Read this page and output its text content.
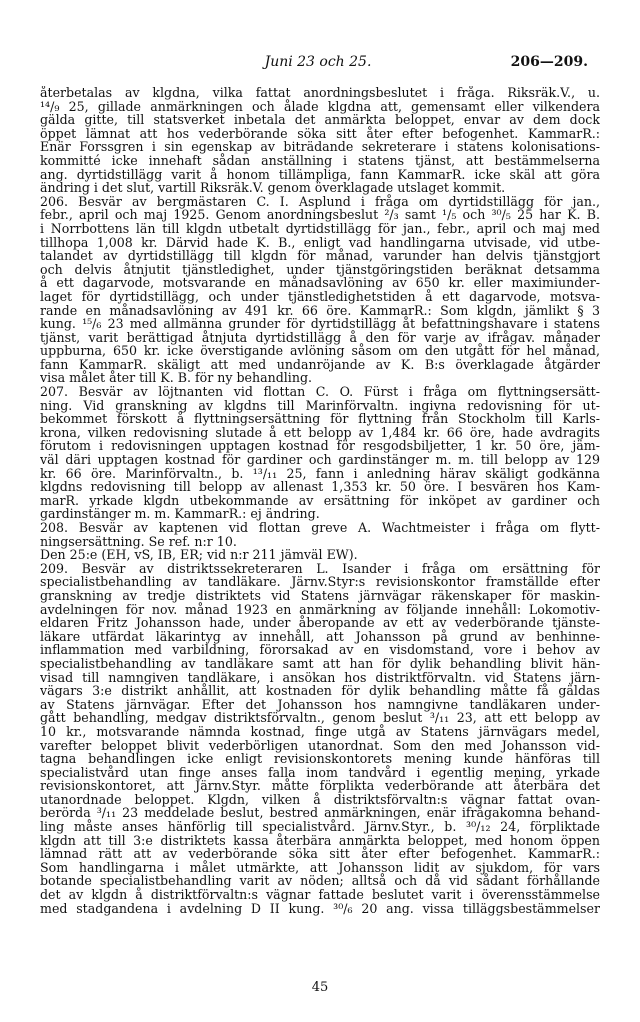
Juni 23 och 25.	206—209.
återbetalas av klgdna, vilka fattat anordningsbeslutet i fråga. Riksräk.V., u.
¹⁴/₉ 25, gillade anmärkningen och ålade klgdna att, gemensamt eller vilkendera
gälda gitte, till statsverket inbetala det anmärkta beloppet, envar av dem dock
öppet lämnat att hos vederbörande söka sitt åter efter befogenhet. KammarR.:
Enär Forssgren i sin egenskap av biträdande sekreterare i statens kolonisations-
kommitté icke innehaft sådan anställning i statens tjänst, att bestämmelserna
ang. dyrtidstillägg varit å honom tillämpliga, fann KammarR. icke skäl att göra
ändring i det slut, vartill Riksräk.V. genom överklagade utslaget kommit.
206. Besvär av bergmästaren C. I. Asplund i fråga om dyrtidstillägg för jan.,
febr., april och maj 1925. Genom anordningsbeslut ²/₃ samt ¹/₅ och ³⁰/₅ 25 har K. B.
i Norrbottens län till klgdn utbetalt dyrtidstillägg för jan., febr., april och maj med
tillhopa 1,008 kr. Därvid hade K. B., enligt vad handlingarna utvisade, vid utbe-
talandet av dyrtidstillägg till klgdn för månad, varunder han delvis tjänstgjort
och delvis åtnjutit tjänstledighet, under tjänstgöringstiden beräknat detsamma
å ett dagarvode, motsvarande en månadsavlöning av 650 kr. eller maximiunder-
laget för dyrtidstillägg, och under tjänstledighetstiden å ett dagarvode, motsva-
rande en månadsavlöning av 491 kr. 66 öre. KammarR.: Som klgdn, jämlikt § 3
kung. ¹⁵/₆ 23 med allmänna grunder för dyrtidstillägg åt befattningshavare i statens
tjänst, varit berättigad åtnjuta dyrtidstillägg å den för varje av ifrågav. månader
uppburna, 650 kr. icke överstigande avlöning såsom om den utgått för hel månad,
fann KammarR. skäligt att med undanröjande av K. B:s överklagade åtgärder
visa målet åter till K. B. för ny behandling.
207. Besvär av löjtnanten vid flottan C. O. Fürst i fråga om flyttningsersätt-
ning. Vid granskning av klgdns till Marinförvaltn. ingivna redovisning för ut-
bekommet förskott å flyttningsersättning för flyttning från Stockholm till Karls-
krona, vilken redovisning slutade å ett belopp av 1,484 kr. 66 öre, hade avdragits
förutom i redovisningen upptagen kostnad för resgodsbiljetter, 1 kr. 50 öre, jäm-
väl däri upptagen kostnad för gardiner och gardinstänger m. m. till belopp av 129
kr. 66 öre. Marinförvaltn., b. ¹³/₁₁ 25, fann i anledning härav skäligt godkänna
klgdns redovisning till belopp av allenast 1,353 kr. 50 öre. I besvären hos Kam-
marR. yrkade klgdn utbekommande av ersättning för inköpet av gardiner och
gardinstänger m. m. KammarR.: ej ändring.
208. Besvär av kaptenen vid flottan greve A. Wachtmeister i fråga om flytt-
ningsersättning. Se ref. n:r 10.
Den 25:e (EH, vS, IB, ER; vid n:r 211 jämväl EW).
209. Besvär av distriktssekreteraren L. Isander i fråga om ersättning för
specialistbehandling av tandläkare. Järnv.Styr:s revisionskontor framställde efter
granskning av tredje distriktets vid Statens järnvägar räkenskaper för maskin-
avdelningen för nov. månad 1923 en anmärkning av följande innehåll: Lokomotiv-
eldaren Fritz Johansson hade, under åberopande av ett av vederbörande tjänste-
läkare utfärdat läkarintyg av innehåll, att Johansson på grund av benhinne-
inflammation med varbildning, förorsakad av en visdomstand, vore i behov av
specialistbehandling av tandläkare samt att han för dylik behandling blivit hän-
visad till namngiven tandläkare, i ansökan hos distriktförvaltn. vid Statens järn-
vägars 3:e distrikt anhållit, att kostnaden för dylik behandling måtte få gäldas
av Statens järnvägar. Efter det Johansson hos namngivne tandläkaren under-
gått behandling, medgav distriktsförvaltn., genom beslut ³/₁₁ 23, att ett belopp av
10 kr., motsvarande nämnda kostnad, finge utgå av Statens järnvägars medel,
varefter beloppet blivit vederbörligen utanordnat. Som den med Johansson vid-
tagna behandlingen icke enligt revisionskontorets mening kunde hänföras till
specialistvård utan finge anses falla inom tandvård i egentlig mening, yrkade
revisionskontoret, att Järnv.Styr. måtte förplikta vederbörande att återbära det
utanordnade beloppet. Klgdn, vilken å distriktsförvaltn:s vägnar fattat ovan-
berörda ³/₁₁ 23 meddelade beslut, bestred anmärkningen, enär ifrågakomna behand-
ling måste anses hänförlig till specialistvård. Järnv.Styr., b. ³⁰/₁₂ 24, förpliktade
klgdn att till 3:e distriktets kassa återbära anmärkta beloppet, med honom öppen
lämnad rätt att av vederbörande söka sitt åter efter befogenhet. KammarR.:
Som handlingarna i målet utmärkte, att Johansson lidit av sjukdom, för vars
botande specialistbehandling varit av nöden; alltså och då vid sådant förhållande
det av klgdn å distriktförvaltn:s vägnar fattade beslutet varit i överensstämmelse
med stadgandena i avdelning D II kung. ³⁰/₆ 20 ang. vissa tilläggsbestämmelser
45
